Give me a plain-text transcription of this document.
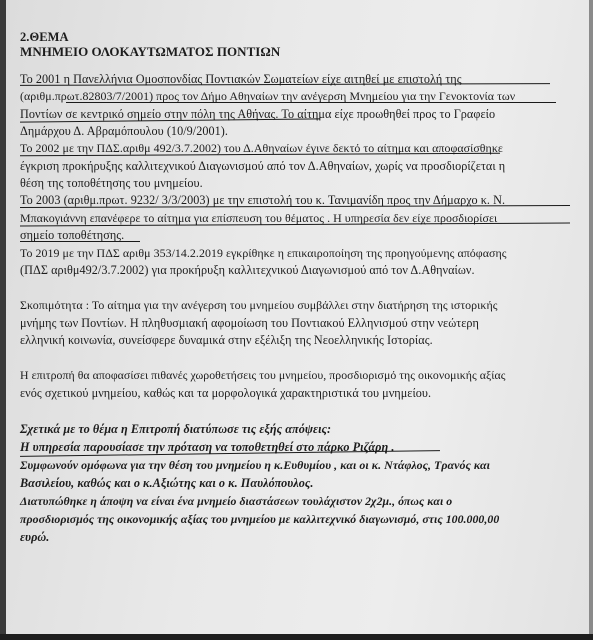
2.ΘΕΜΑ
ΜΝΗΜΕΙΟ ΟΛΟΚΑΥΤΩΜΑΤΟΣ ΠΟΝΤΙΩΝ
Το 2001 η Πανελλήνια Ομοσπονδίας Ποντιακών Σωματείων είχε αιτηθεί με επιστολή της
(αριθμ.πρωτ.82803/7/2001) προς τον Δήμο Αθηναίων την ανέγερση Μνημείου για την Γενοκτονία των
Ποντίων σε κεντρικό σημείο στην πόλη της Αθήνας. Το αίτημα είχε προωθηθεί προς το Γραφείο
Δημάρχου Δ. Αβραμόπουλου (10/9/2001).
Το 2002 με την ΠΔΣ.αριθμ 492/3.7.2002) του Δ.Αθηναίων έγινε δεκτό το αίτημα και αποφασίσθηκε
έγκριση προκήρυξης καλλιτεχνικού Διαγωνισμού από τον Δ.Αθηναίων, χωρίς να προσδιορίζεται η
θέση της τοποθέτησης του μνημείου.
Το 2003 (αριθμ.πρωτ. 9232/ 3/3/2003) με την επιστολή του κ. Τανιμανίδη προς την Δήμαρχο κ. Ν.
Μπακογιάννη επανέφερε το αίτημα για επίσπευση του θέματος . Η υπηρεσία δεν είχε προσδιορίσει
σημείο τοποθέτησης.
Το 2019 με την ΠΔΣ αριθμ 353/14.2.2019 εγκρίθηκε η επικαιροποίηση της προηγούμενης απόφασης
(ΠΔΣ αριθμ492/3.7.2002) για προκήρυξη καλλιτεχνικού Διαγωνισμού από τον Δ.Αθηναίων.
Σκοπιμότητα : Το αίτημα για την ανέγερση του μνημείου συμβάλλει στην διατήρηση της ιστορικής
μνήμης των Ποντίων. Η πληθυσμιακή αφομοίωση του Ποντιακού Ελληνισμού στην νεώτερη
ελληνική κοινωνία, συνείσφερε δυναμικά στην εξέλιξη της Νεοελληνικής Ιστορίας.
Η επιτροπή θα αποφασίσει πιθανές χωροθετήσεις του μνημείου, προσδιορισμό της οικονομικής αξίας
ενός σχετικού μνημείου, καθώς και τα μορφολογικά χαρακτηριστικά του μνημείου.
Σχετικά με το θέμα η Επιτροπή διατύπωσε τις εξής απόψεις:
Η υπηρεσία παρουσίασε την πρόταση να τοποθετηθεί στο πάρκο Ριζάρη .
Συμφωνούν ομόφωνα για την θέση του μνημείου η κ.Ευθυμίου , και οι κ. Ντάφλος, Τρανός και
Βασιλείου, καθώς και ο κ.Αξιώτης και ο κ. Παυλόπουλος.
Διατυπώθηκε η άποψη να είναι ένα μνημείο διαστάσεων τουλάχιστον 2χ2μ., όπως και ο
προσδιορισμός της οικονομικής αξίας του μνημείου με καλλιτεχνικό διαγωνισμό, στις 100.000,00
ευρώ.
